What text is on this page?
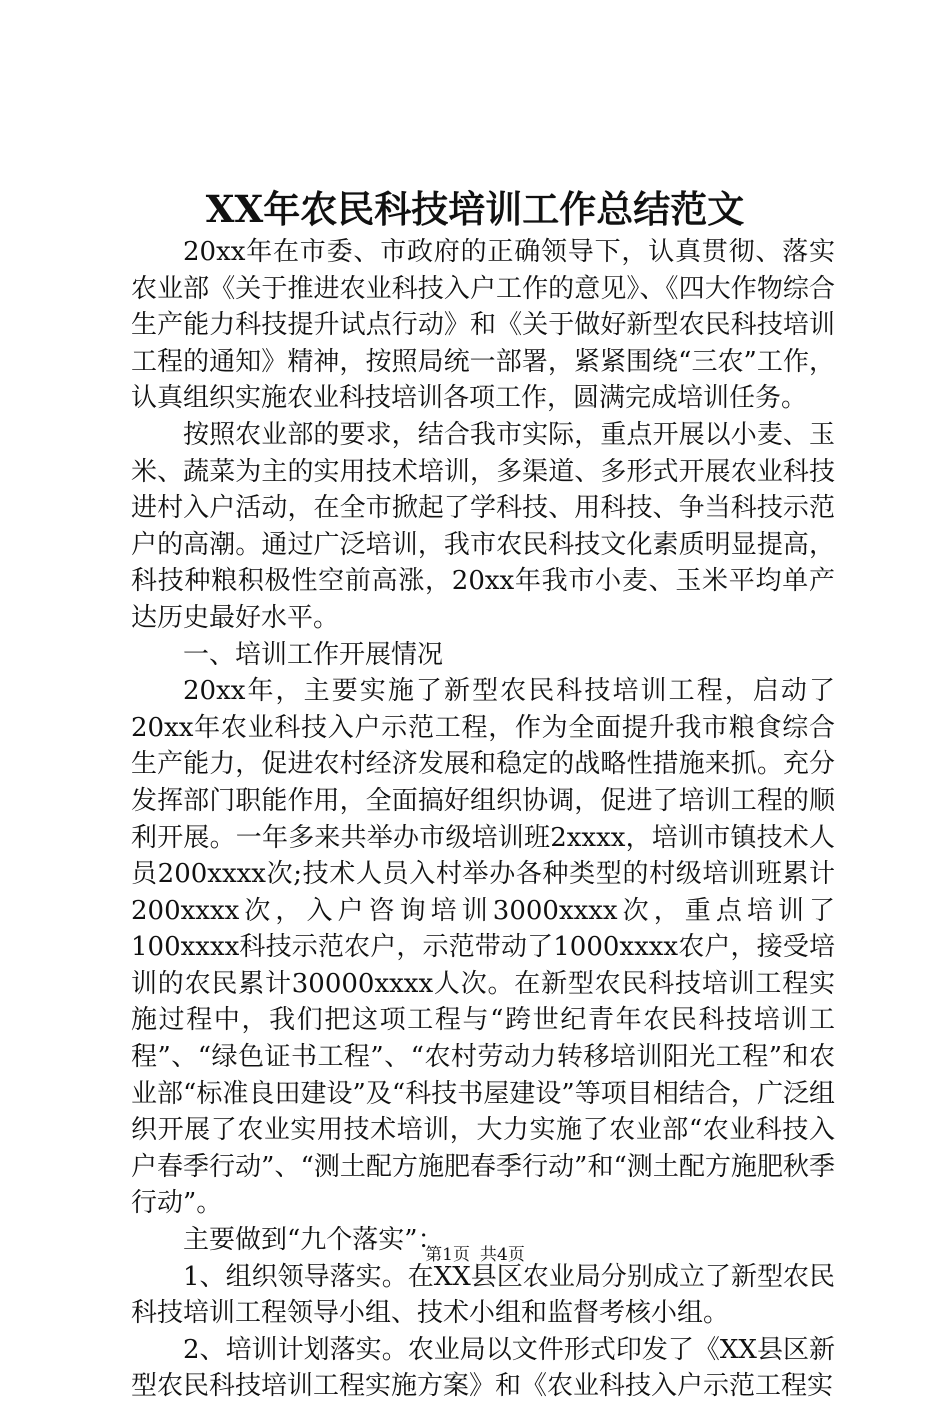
XX年农民科技培训工作总结范文

20xx年在市委、市政府的正确领导下，认真贯彻、落实农业部《关于推进农业科技入户工作的意见》、《四大作物综合生产能力科技提升试点行动》和《关于做好新型农民科技培训工程的通知》精神，按照局统一部署，紧紧围绕“三农”工作，认真组织实施农业科技培训各项工作，圆满完成培训任务。

按照农业部的要求，结合我市实际，重点开展以小麦、玉米、蔬菜为主的实用技术培训，多渠道、多形式开展农业科技进村入户活动，在全市掀起了学科技、用科技、争当科技示范户的高潮。通过广泛培训，我市农民科技文化素质明显提高，科技种粮积极性空前高涨，20xx年我市小麦、玉米平均单产达历史最好水平。

一、培训工作开展情况

20xx年，主要实施了新型农民科技培训工程，启动了20xx年农业科技入户示范工程，作为全面提升我市粮食综合生产能力，促进农村经济发展和稳定的战略性措施来抓。充分发挥部门职能作用，全面搞好组织协调，促进了培训工程的顺利开展。一年多来共举办市级培训班2xxxx，培训市镇技术人员200xxxx次;技术人员入村举办各种类型的村级培训班累计200xxxx次，入户咨询培训3000xxxx次，重点培训了100xxxx科技示范农户，示范带动了1000xxxx农户，接受培训的农民累计30000xxxx人次。在新型农民科技培训工程实施过程中，我们把这项工程与“跨世纪青年农民科技培训工程”、“绿色证书工程”、“农村劳动力转移培训阳光工程”和农业部“标准良田建设”及“科技书屋建设”等项目相结合，广泛组织开展了农业实用技术培训，大力实施了农业部“农业科技入户春季行动”、“测土配方施肥春季行动”和“测土配方施肥秋季行动”。

主要做到“九个落实”：

1、组织领导落实。在XX县区农业局分别成立了新型农民科技培训工程领导小组、技术小组和监督考核小组。

2、培训计划落实。农业局以文件形式印发了《XX县区新型农民科技培训工程实施方案》和《农业科技入户示范工程实

第1页 共4页
